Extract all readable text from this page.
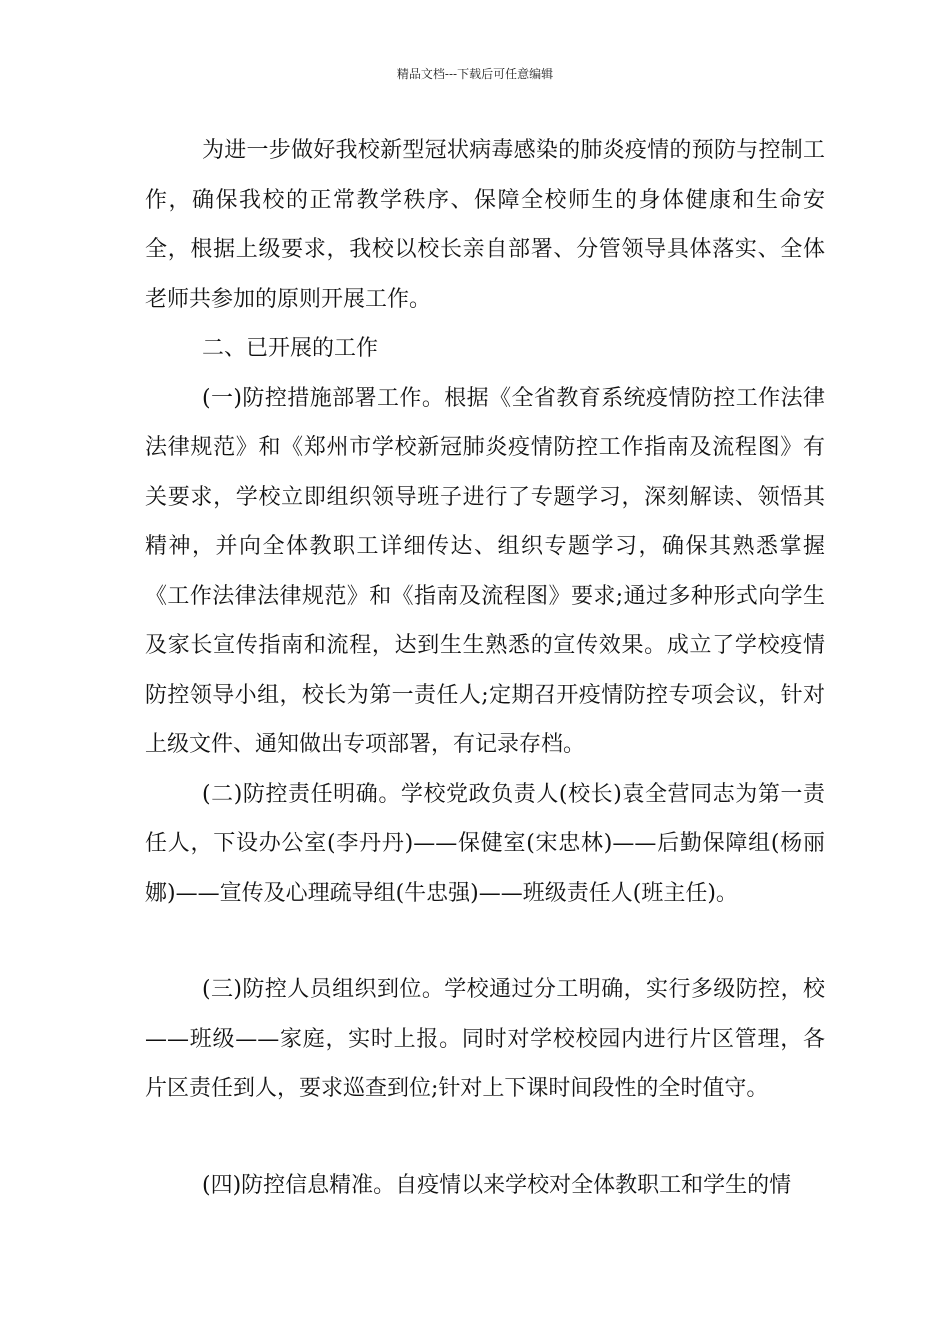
精品文档---下载后可任意编辑

为进一步做好我校新型冠状病毒感染的肺炎疫情的预防与控制工作，确保我校的正常教学秩序、保障全校师生的身体健康和生命安全，根据上级要求，我校以校长亲自部署、分管领导具体落实、全体老师共参加的原则开展工作。

二、已开展的工作

(一)防控措施部署工作。根据《全省教育系统疫情防控工作法律法律规范》和《郑州市学校新冠肺炎疫情防控工作指南及流程图》有关要求，学校立即组织领导班子进行了专题学习，深刻解读、领悟其精神，并向全体教职工详细传达、组织专题学习，确保其熟悉掌握《工作法律法律规范》和《指南及流程图》要求;通过多种形式向学生及家长宣传指南和流程，达到生生熟悉的宣传效果。成立了学校疫情防控领导小组，校长为第一责任人;定期召开疫情防控专项会议，针对上级文件、通知做出专项部署，有记录存档。

(二)防控责任明确。学校党政负责人(校长)袁全营同志为第一责任人，下设办公室(李丹丹)——保健室(宋忠林)——后勤保障组(杨丽娜)——宣传及心理疏导组(牛忠强)——班级责任人(班主任)。

(三)防控人员组织到位。学校通过分工明确，实行多级防控，校——班级——家庭，实时上报。同时对学校校园内进行片区管理，各片区责任到人，要求巡查到位;针对上下课时间段性的全时值守。

(四)防控信息精准。自疫情以来学校对全体教职工和学生的情
